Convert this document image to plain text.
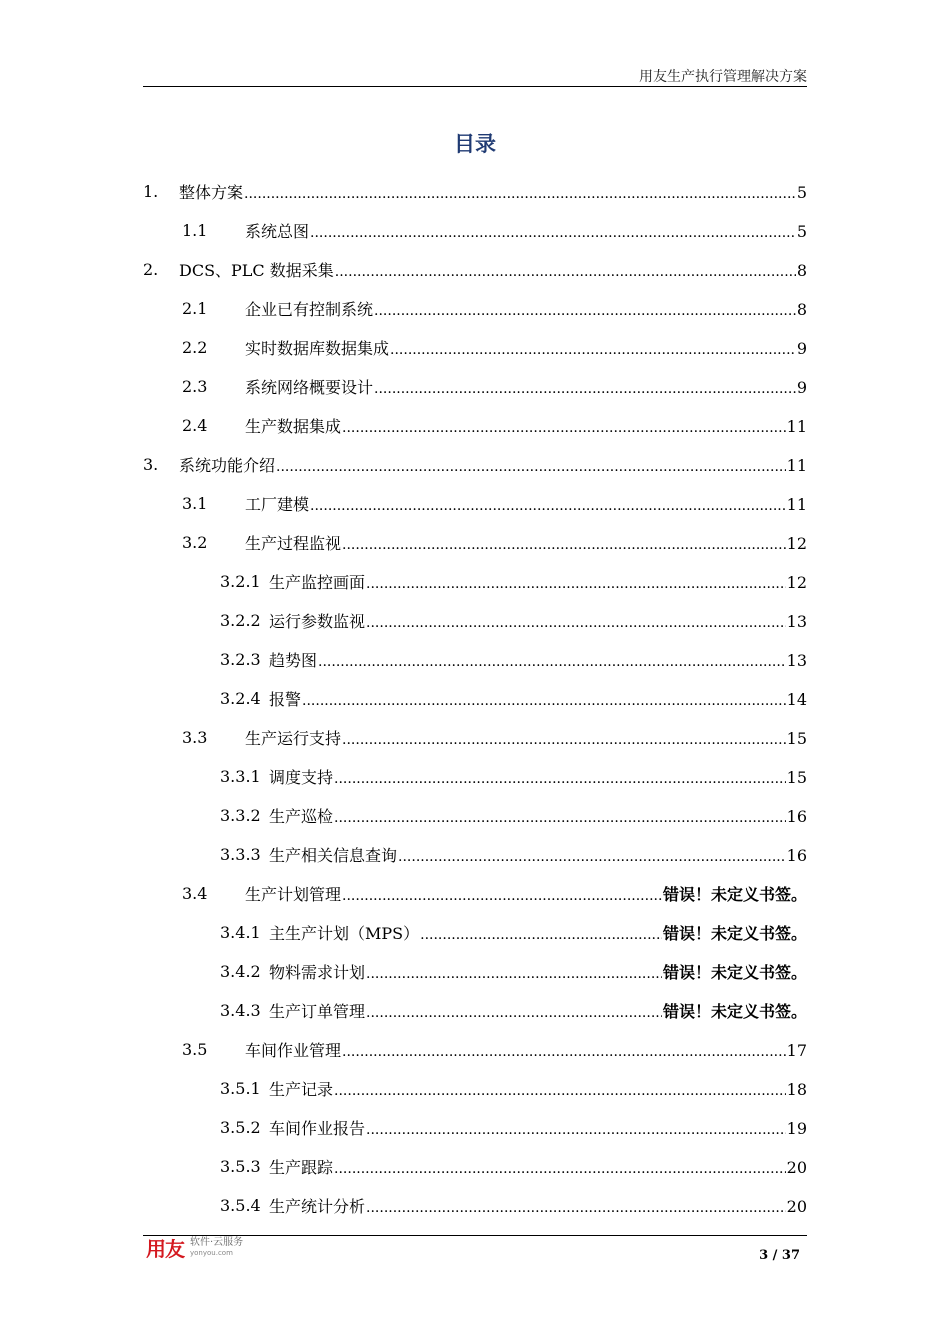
用友生产执行管理解决方案
目录
1. 整体方案 .....	5
1.1 系统总图 .....	5
2. DCS、PLC 数据采集 .....	8
2.1 企业已有控制系统 .....	8
2.2 实时数据库数据集成 .....	9
2.3 系统网络概要设计 .....	9
2.4 生产数据集成 .....	11
3. 系统功能介绍 .....	11
3.1 工厂建模 .....	11
3.2 生产过程监视 .....	12
3.2.1 生产监控画面 .....	12
3.2.2 运行参数监视 .....	13
3.2.3 趋势图 .....	13
3.2.4 报警 .....	14
3.3 生产运行支持 .....	15
3.3.1 调度支持 .....	15
3.3.2 生产巡检 .....	16
3.3.3 生产相关信息查询 .....	16
3.4 生产计划管理 .....	错误！未定义书签。
3.4.1 主生产计划（MPS） .....	错误！未定义书签。
3.4.2 物料需求计划 .....	错误！未定义书签。
3.4.3 生产订单管理 .....	错误！未定义书签。
3.5 车间作业管理 .....	17
3.5.1 生产记录 .....	18
3.5.2 车间作业报告 .....	19
3.5.3 生产跟踪 .....	20
3.5.4 生产统计分析 .....	20
用友 软件·云服务
yonyou.com	3 / 37
